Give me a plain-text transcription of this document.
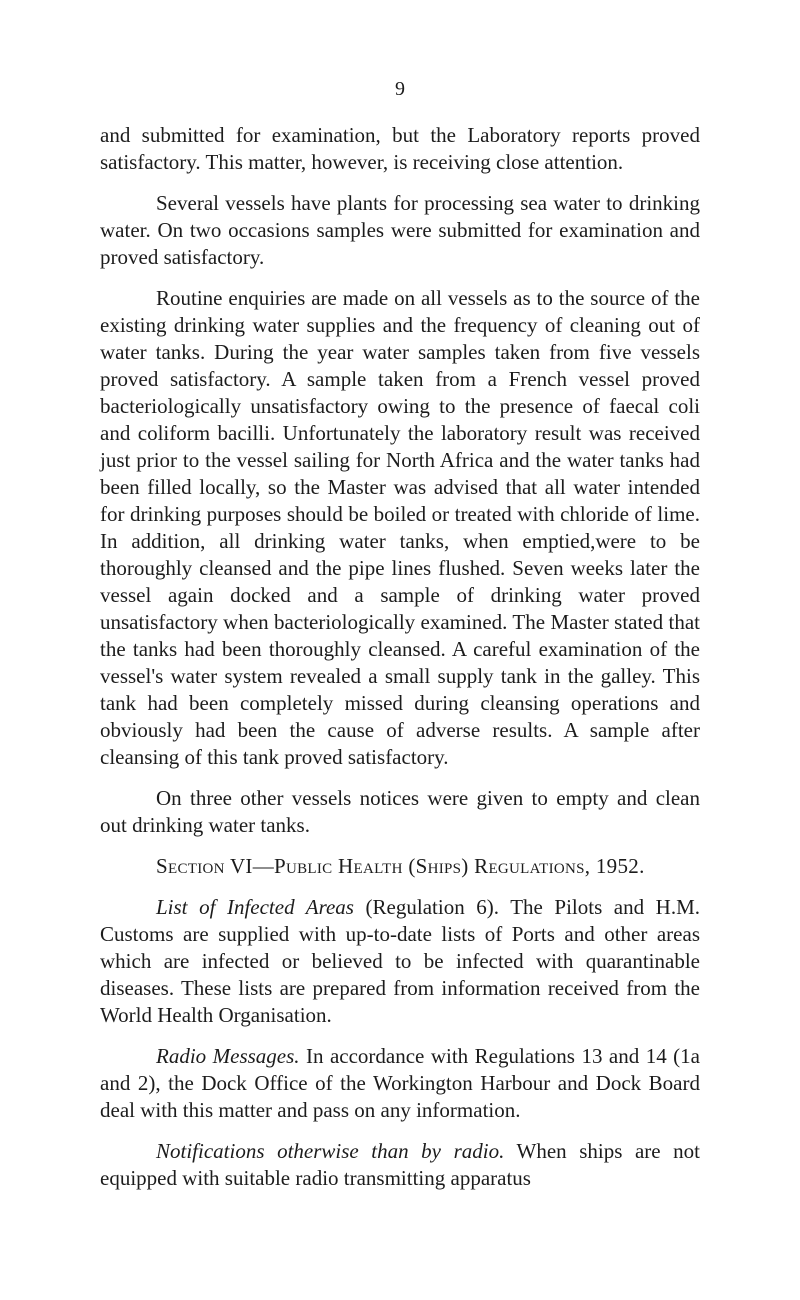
9

and submitted for examination, but the Laboratory reports proved satisfactory. This matter, however, is receiving close attention.

Several vessels have plants for processing sea water to drinking water. On two occasions samples were submitted for examination and proved satisfactory.

Routine enquiries are made on all vessels as to the source of the existing drinking water supplies and the frequency of cleaning out of water tanks. During the year water samples taken from five vessels proved satisfactory. A sample taken from a French vessel proved bacteriologically unsatisfactory owing to the presence of faecal coli and coliform bacilli. Unfortunately the laboratory result was received just prior to the vessel sailing for North Africa and the water tanks had been filled locally, so the Master was advised that all water intended for drinking purposes should be boiled or treated with chloride of lime. In addition, all drinking water tanks, when emptied,were to be thoroughly cleansed and the pipe lines flushed. Seven weeks later the vessel again docked and a sample of drinking water proved unsatisfactory when bacteriologically examined. The Master stated that the tanks had been thoroughly cleansed. A careful examination of the vessel's water system revealed a small supply tank in the galley. This tank had been completely missed during cleansing operations and obviously had been the cause of adverse results. A sample after cleansing of this tank proved satisfactory.

On three other vessels notices were given to empty and clean out drinking water tanks.

Section VI—Public Health (Ships) Regulations, 1952.

List of Infected Areas (Regulation 6). The Pilots and H.M. Customs are supplied with up-to-date lists of Ports and other areas which are infected or believed to be infected with quarantinable diseases. These lists are prepared from information received from the World Health Organisation.

Radio Messages. In accordance with Regulations 13 and 14 (1a and 2), the Dock Office of the Workington Harbour and Dock Board deal with this matter and pass on any information.

Notifications otherwise than by radio. When ships are not equipped with suitable radio transmitting apparatus
